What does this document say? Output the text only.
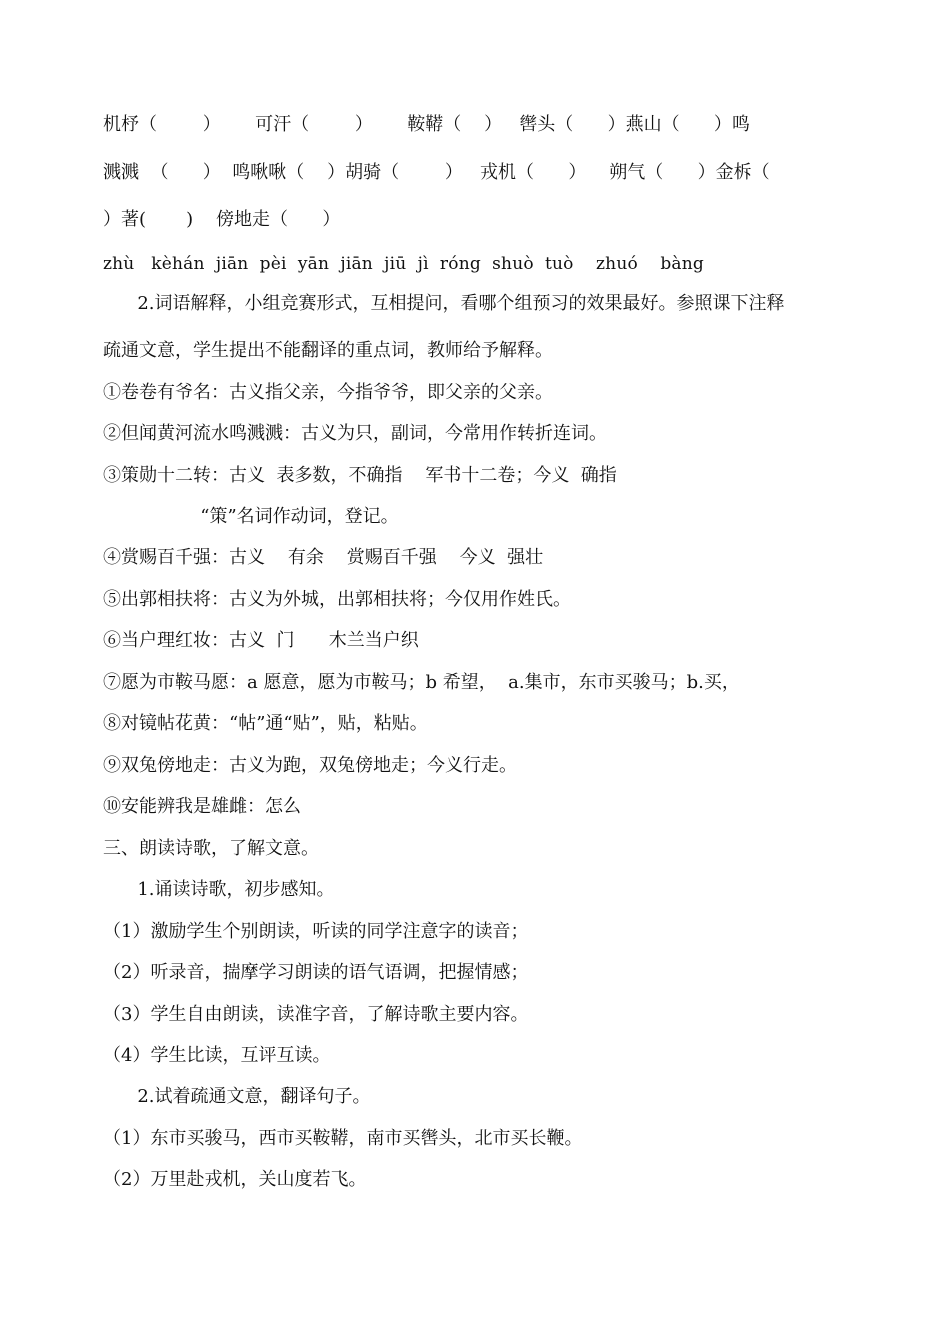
机杼（        ）      可汗（        ）      鞍鞯（    ）   辔头（      ）燕山（      ）鸣
溅溅  （      ）  鸣啾啾（    ）胡骑（        ）   戎机（      ）    朔气（      ）金柝（
）著(       )    傍地走（      ）
zhù   kèhán  jiān  pèi  yān  jiān  jiū  jì  róng  shuò  tuò    zhuó    bàng
2.词语解释，小组竞赛形式，互相提问，看哪个组预习的效果最好。参照课下注释
疏通文意，学生提出不能翻译的重点词，教师给予解释。
①卷卷有爷名：古义指父亲，今指爷爷，即父亲的父亲。
②但闻黄河流水鸣溅溅：古义为只，副词，今常用作转折连词。
③策勋十二转：古义  表多数，不确指    军书十二卷；今义  确指
“策”名词作动词，登记。
④赏赐百千强：古义    有余    赏赐百千强    今义  强壮
⑤出郭相扶将：古义为外城，出郭相扶将；今仅用作姓氏。
⑥当户理红妆：古义  门      木兰当户织
⑦愿为市鞍马愿：a 愿意，愿为市鞍马；b 希望，  a.集市，东市买骏马；b.买，
⑧对镜帖花黄：“帖”通“贴”，贴，粘贴。
⑨双兔傍地走：古义为跑，双兔傍地走；今义行走。
⑩安能辨我是雄雌：怎么
三、朗读诗歌，了解文意。
1.诵读诗歌，初步感知。
（1）激励学生个别朗读，听读的同学注意字的读音；
（2）听录音，揣摩学习朗读的语气语调，把握情感；
（3）学生自由朗读，读准字音，了解诗歌主要内容。
（4）学生比读，互评互读。
2.试着疏通文意，翻译句子。
（1）东市买骏马，西市买鞍鞯，南市买辔头，北市买长鞭。
（2）万里赴戎机，关山度若飞。
